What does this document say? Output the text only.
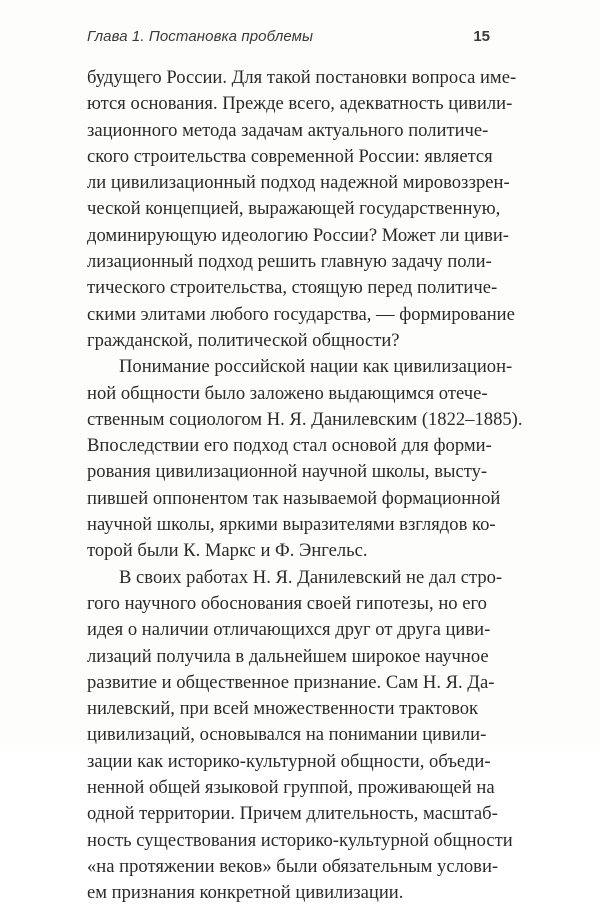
Глава 1. Постановка проблемы	15
будущего России. Для такой постановки вопроса име-
ются основания. Прежде всего, адекватность цивили-
зационного метода задачам актуального политиче-
ского строительства современной России: является
ли цивилизационный подход надежной мировоззрен-
ческой концепцией, выражающей государственную,
доминирующую идеологию России? Может ли циви-
лизационный подход решить главную задачу поли-
тического строительства, стоящую перед политиче-
скими элитами любого государства, — формирование
гражданской, политической общности?
Понимание российской нации как цивилизацион-
ной общности было заложено выдающимся отече-
ственным социологом Н. Я. Данилевским (1822–1885).
Впоследствии его подход стал основой для форми-
рования цивилизационной научной школы, высту-
пившей оппонентом так называемой формационной
научной школы, яркими выразителями взглядов ко-
торой были К. Маркс и Ф. Энгельс.
В своих работах Н. Я. Данилевский не дал стро-
гого научного обоснования своей гипотезы, но его
идея о наличии отличающихся друг от друга циви-
лизаций получила в дальнейшем широкое научное
развитие и общественное признание. Сам Н. Я. Да-
нилевский, при всей множественности трактовок
цивилизаций, основывался на понимании цивили-
зации как историко-культурной общности, объеди-
ненной общей языковой группой, проживающей на
одной территории. Причем длительность, масштаб-
ность существования историко-культурной общности
«на протяжении веков» были обязательным услови-
ем признания конкретной цивилизации.
